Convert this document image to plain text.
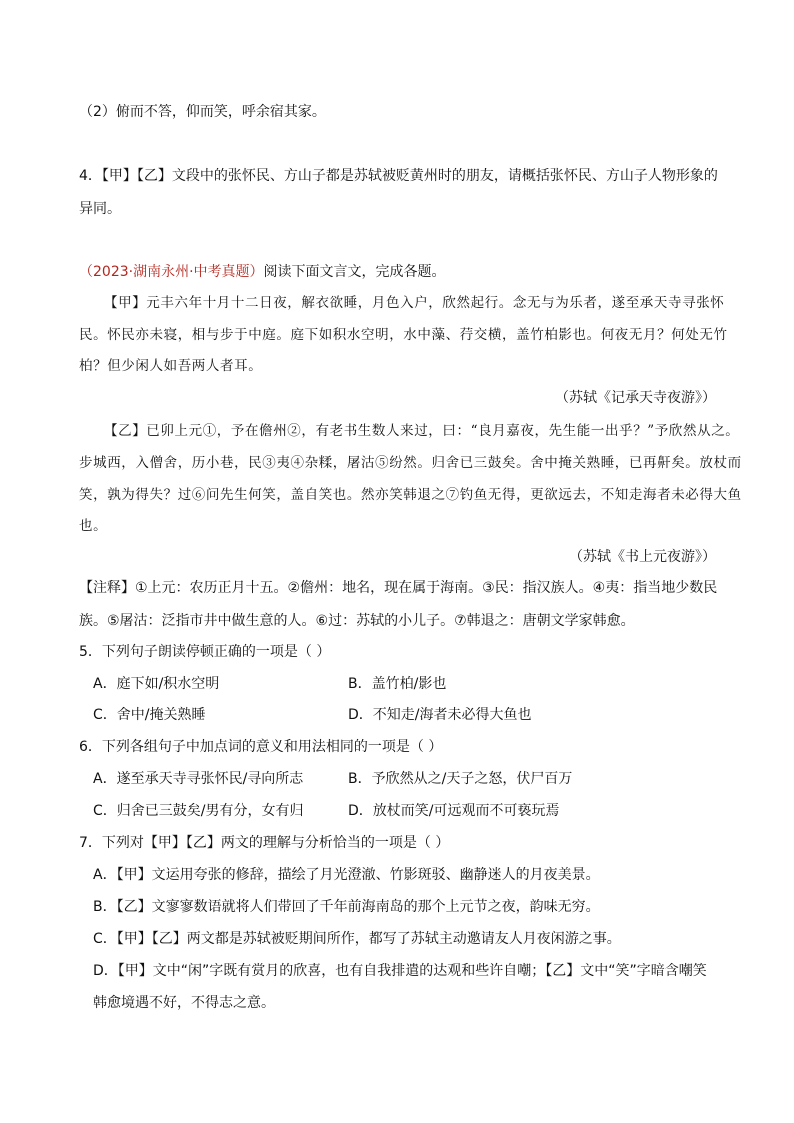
（2）俯而不答，仰而笑，呼余宿其家。
4．【甲】【乙】文段中的张怀民、方山子都是苏轼被贬黄州时的朋友，请概括张怀民、方山子人物形象的
异同。
（2023·湖南永州·中考真题）阅读下面文言文，完成各题。
【甲】元丰六年十月十二日夜，解衣欲睡，月色入户，欣然起行。念无与为乐者，遂至承天寺寻张怀
民。怀民亦未寝，相与步于中庭。庭下如积水空明，水中藻、荇交横，盖竹柏影也。何夜无月？何处无竹
柏？但少闲人如吾两人者耳。
（苏轼《记承天寺夜游》）
【乙】已卯上元①，予在儋州②，有老书生数人来过，曰：“良月嘉夜，先生能一出乎？”予欣然从之。
步城西，入僧舍，历小巷，民③夷④杂糅，屠沽⑤纷然。归舍已三鼓矣。舍中掩关熟睡，已再鼾矣。放杖而
笑，孰为得失？过⑥问先生何笑，盖自笑也。然亦笑韩退之⑦钓鱼无得，更欲远去，不知走海者未必得大鱼
也。
（苏轼《书上元夜游》）
【注释】①上元：农历正月十五。②儋州：地名，现在属于海南。③民：指汉族人。④夷：指当地少数民
族。⑤屠沽：泛指市井中做生意的人。⑥过：苏轼的小儿子。⑦韩退之：唐朝文学家韩愈。
5．下列句子朗读停顿正确的一项是（ ）
A．庭下如/积水空明	B．盖竹柏/影也
C．舍中/掩关熟睡	D．不知走/海者未必得大鱼也
6．下列各组句子中加点词的意义和用法相同的一项是（ ）
A．遂至承天寺寻张怀民/寻向所志	B．予欣然从之/天子之怒，伏尸百万
C．归舍已三鼓矣/男有分，女有归	D．放杖而笑/可远观而不可亵玩焉
7．下列对【甲】【乙】两文的理解与分析恰当的一项是（ ）
A．【甲】文运用夸张的修辞，描绘了月光澄澈、竹影斑驳、幽静迷人的月夜美景。
B．【乙】文寥寥数语就将人们带回了千年前海南岛的那个上元节之夜，韵味无穷。
C．【甲】【乙】两文都是苏轼被贬期间所作，都写了苏轼主动邀请友人月夜闲游之事。
D．【甲】文中“闲”字既有赏月的欣喜，也有自我排遣的达观和些许自嘲；【乙】文中“笑”字暗含嘲笑
韩愈境遇不好，不得志之意。
